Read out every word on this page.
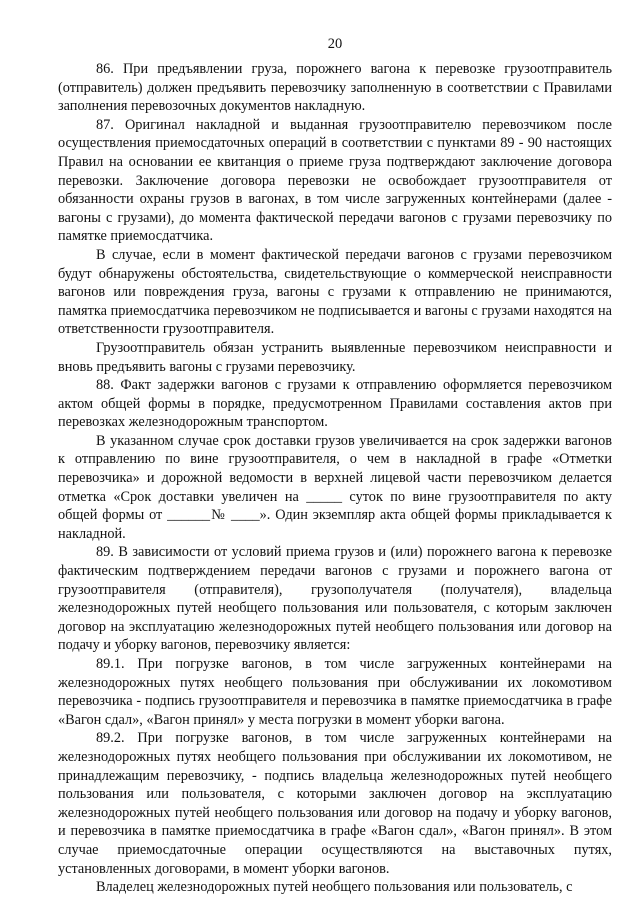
20

86. При предъявлении груза, порожнего вагона к перевозке грузоотправитель (отправитель) должен предъявить перевозчику заполненную в соответствии с Правилами заполнения перевозочных документов накладную.

87. Оригинал накладной и выданная грузоотправителю перевозчиком после осуществления приемосдаточных операций в соответствии с пунктами 89 - 90 настоящих Правил на основании ее квитанция о приеме груза подтверждают заключение договора перевозки. Заключение договора перевозки не освобождает грузоотправителя от обязанности охраны грузов в вагонах, в том числе загруженных контейнерами (далее - вагоны с грузами), до момента фактической передачи вагонов с грузами перевозчику по памятке приемосдатчика.

В случае, если в момент фактической передачи вагонов с грузами перевозчиком будут обнаружены обстоятельства, свидетельствующие о коммерческой неисправности вагонов или повреждения груза, вагоны с грузами к отправлению не принимаются, памятка приемосдатчика перевозчиком не подписывается и вагоны с грузами находятся на ответственности грузоотправителя.

Грузоотправитель обязан устранить выявленные перевозчиком неисправности и вновь предъявить вагоны с грузами перевозчику.

88. Факт задержки вагонов с грузами к отправлению оформляется перевозчиком актом общей формы в порядке, предусмотренном Правилами составления актов при перевозках железнодорожным транспортом.

В указанном случае срок доставки грузов увеличивается на срок задержки вагонов к отправлению по вине грузоотправителя, о чем в накладной в графе «Отметки перевозчика» и дорожной ведомости в верхней лицевой части перевозчиком делается отметка «Срок доставки увеличен на _____ суток по вине грузоотправителя по акту общей формы от ______№ ____». Один экземпляр акта общей формы прикладывается к накладной.

89. В зависимости от условий приема грузов и (или) порожнего вагона к перевозке фактическим подтверждением передачи вагонов с грузами и порожнего вагона от грузоотправителя (отправителя), грузополучателя (получателя), владельца железнодорожных путей необщего пользования или пользователя, с которым заключен договор на эксплуатацию железнодорожных путей необщего пользования или договор на подачу и уборку вагонов, перевозчику является:

89.1. При погрузке вагонов, в том числе загруженных контейнерами на железнодорожных путях необщего пользования при обслуживании их локомотивом перевозчика - подпись грузоотправителя и перевозчика в памятке приемосдатчика в графе «Вагон сдал», «Вагон принял» у места погрузки в момент уборки вагона.

89.2. При погрузке вагонов, в том числе загруженных контейнерами на железнодорожных путях необщего пользования при обслуживании их локомотивом, не принадлежащим перевозчику, - подпись владельца железнодорожных путей необщего пользования или пользователя, с которыми заключен договор на эксплуатацию железнодорожных путей необщего пользования или договор на подачу и уборку вагонов, и перевозчика в памятке приемосдатчика в графе «Вагон сдал», «Вагон принял». В этом случае приемосдаточные операции осуществляются на выставочных путях, установленных договорами, в момент уборки вагонов.

Владелец железнодорожных путей необщего пользования или пользователь, с
